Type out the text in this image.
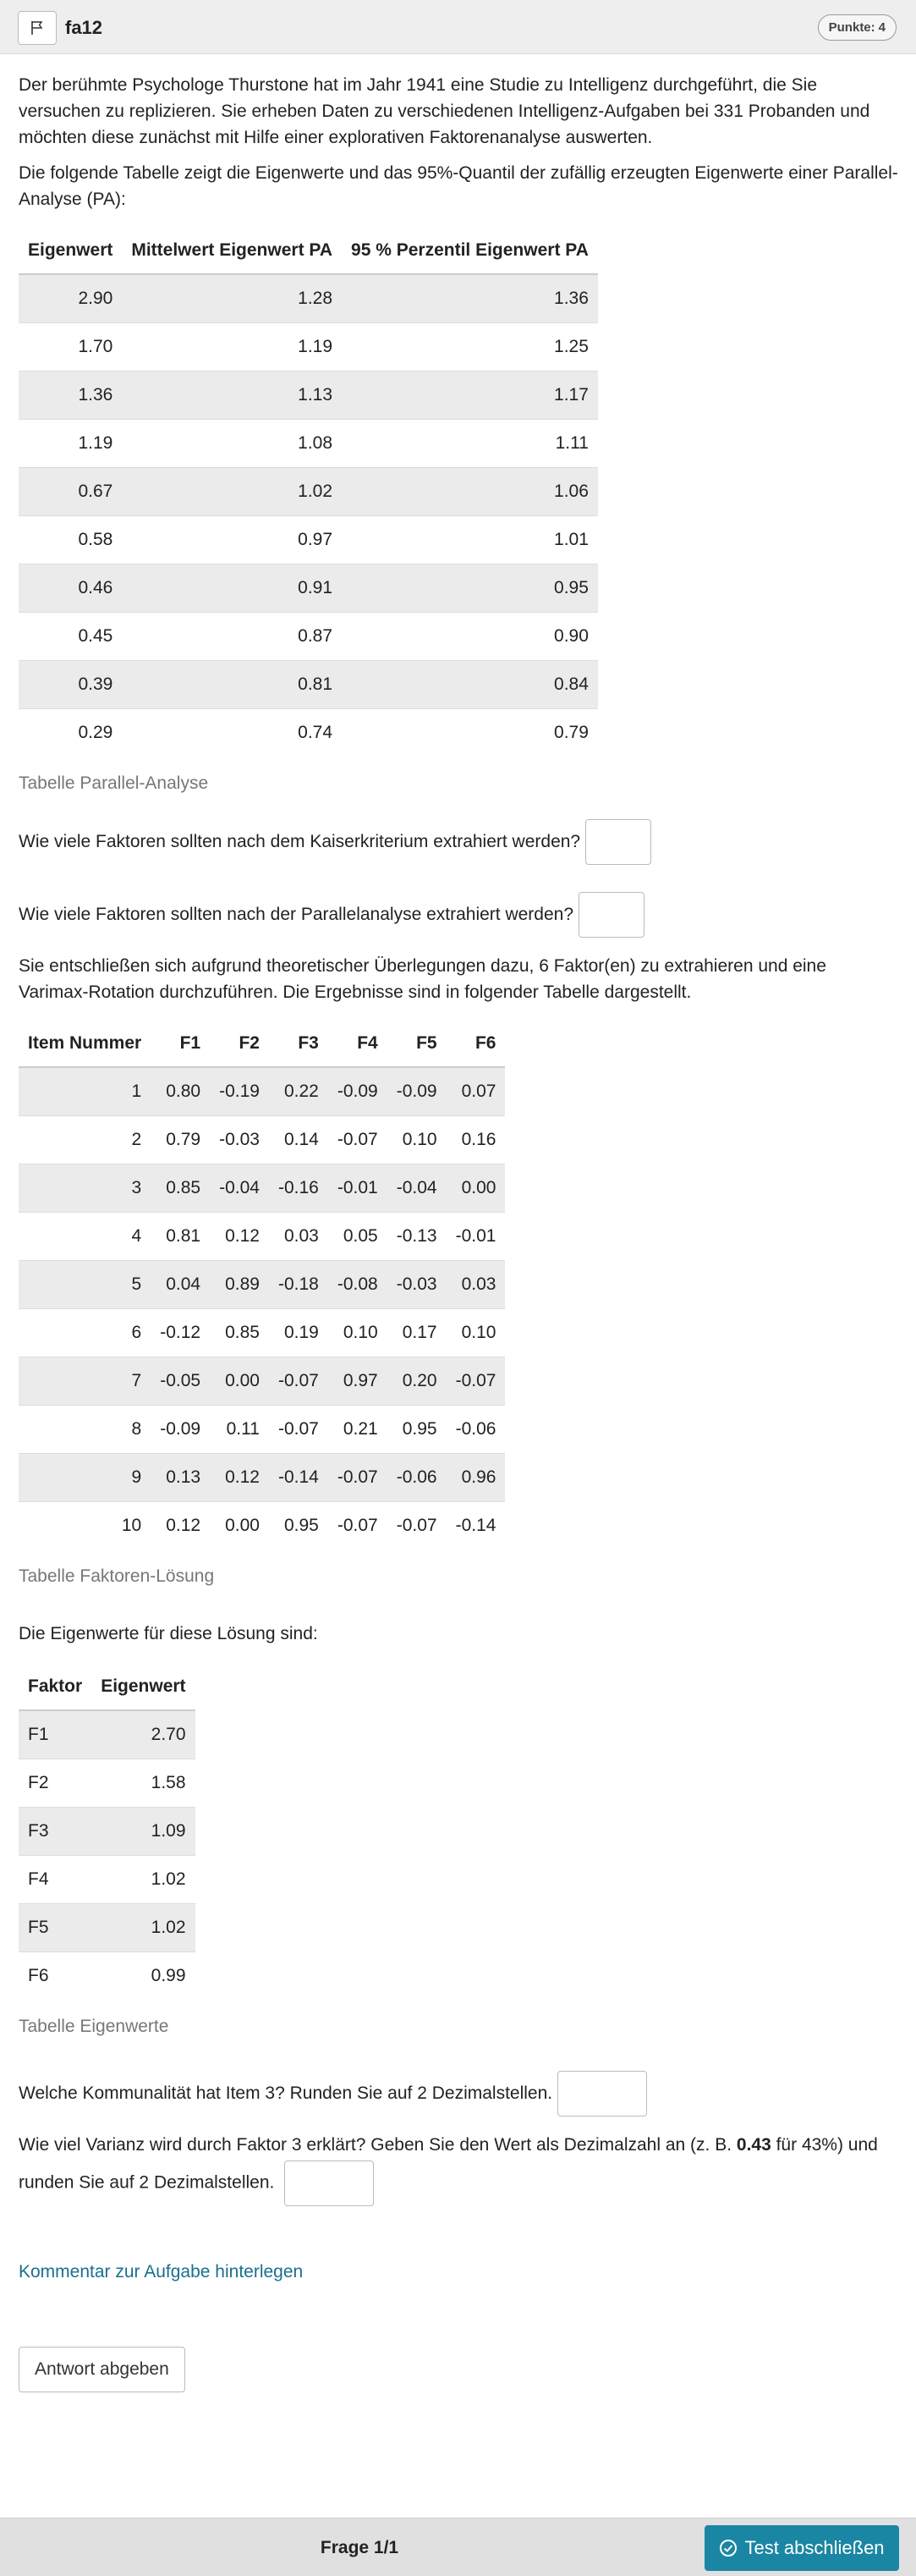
fa12	Punkte: 4

Der berühmte Psychologe Thurstone hat im Jahr 1941 eine Studie zu Intelligenz durchgeführt, die Sie versuchen zu replizieren. Sie erheben Daten zu verschiedenen Intelligenz-Aufgaben bei 331 Probanden und möchten diese zunächst mit Hilfe einer explorativen Faktorenanalyse auswerten.

Die folgende Tabelle zeigt die Eigenwerte und das 95%-Quantil der zufällig erzeugten Eigenwerte einer Parallel-Analyse (PA):

Eigenwert	Mittelwert Eigenwert PA	95 % Perzentil Eigenwert PA
2.90	1.28	1.36
1.70	1.19	1.25
1.36	1.13	1.17
1.19	1.08	1.11
0.67	1.02	1.06
0.58	0.97	1.01
0.46	0.91	0.95
0.45	0.87	0.90
0.39	0.81	0.84
0.29	0.74	0.79
Tabelle Parallel-Analyse
Wie viele Faktoren sollten nach dem Kaiserkriterium extrahiert werden?
Wie viele Faktoren sollten nach der Parallelanalyse extrahiert werden?

Sie entschließen sich aufgrund theoretischer Überlegungen dazu, 6 Faktor(en) zu extrahieren und eine Varimax-Rotation durchzuführen. Die Ergebnisse sind in folgender Tabelle dargestellt.

Item Nummer	F1	F2	F3	F4	F5	F6
1	0.80	-0.19	0.22	-0.09	-0.09	0.07
2	0.79	-0.03	0.14	-0.07	0.10	0.16
3	0.85	-0.04	-0.16	-0.01	-0.04	0.00
4	0.81	0.12	0.03	0.05	-0.13	-0.01
5	0.04	0.89	-0.18	-0.08	-0.03	0.03
6	-0.12	0.85	0.19	0.10	0.17	0.10
7	-0.05	0.00	-0.07	0.97	0.20	-0.07
8	-0.09	0.11	-0.07	0.21	0.95	-0.06
9	0.13	0.12	-0.14	-0.07	-0.06	0.96
10	0.12	0.00	0.95	-0.07	-0.07	-0.14
Tabelle Faktoren-Lösung

Die Eigenwerte für diese Lösung sind:

Faktor	Eigenwert
F1	2.70
F2	1.58
F3	1.09
F4	1.02
F5	1.02
F6	0.99
Tabelle Eigenwerte
Welche Kommunalität hat Item 3? Runden Sie auf 2 Dezimalstellen.
Wie viel Varianz wird durch Faktor 3 erklärt? Geben Sie den Wert als Dezimalzahl an (z. B. 0.43 für 43%) und runden Sie auf 2 Dezimalstellen.
Kommentar zur Aufgabe hinterlegen
Antwort abgeben
Frage 1/1	Test abschließen
